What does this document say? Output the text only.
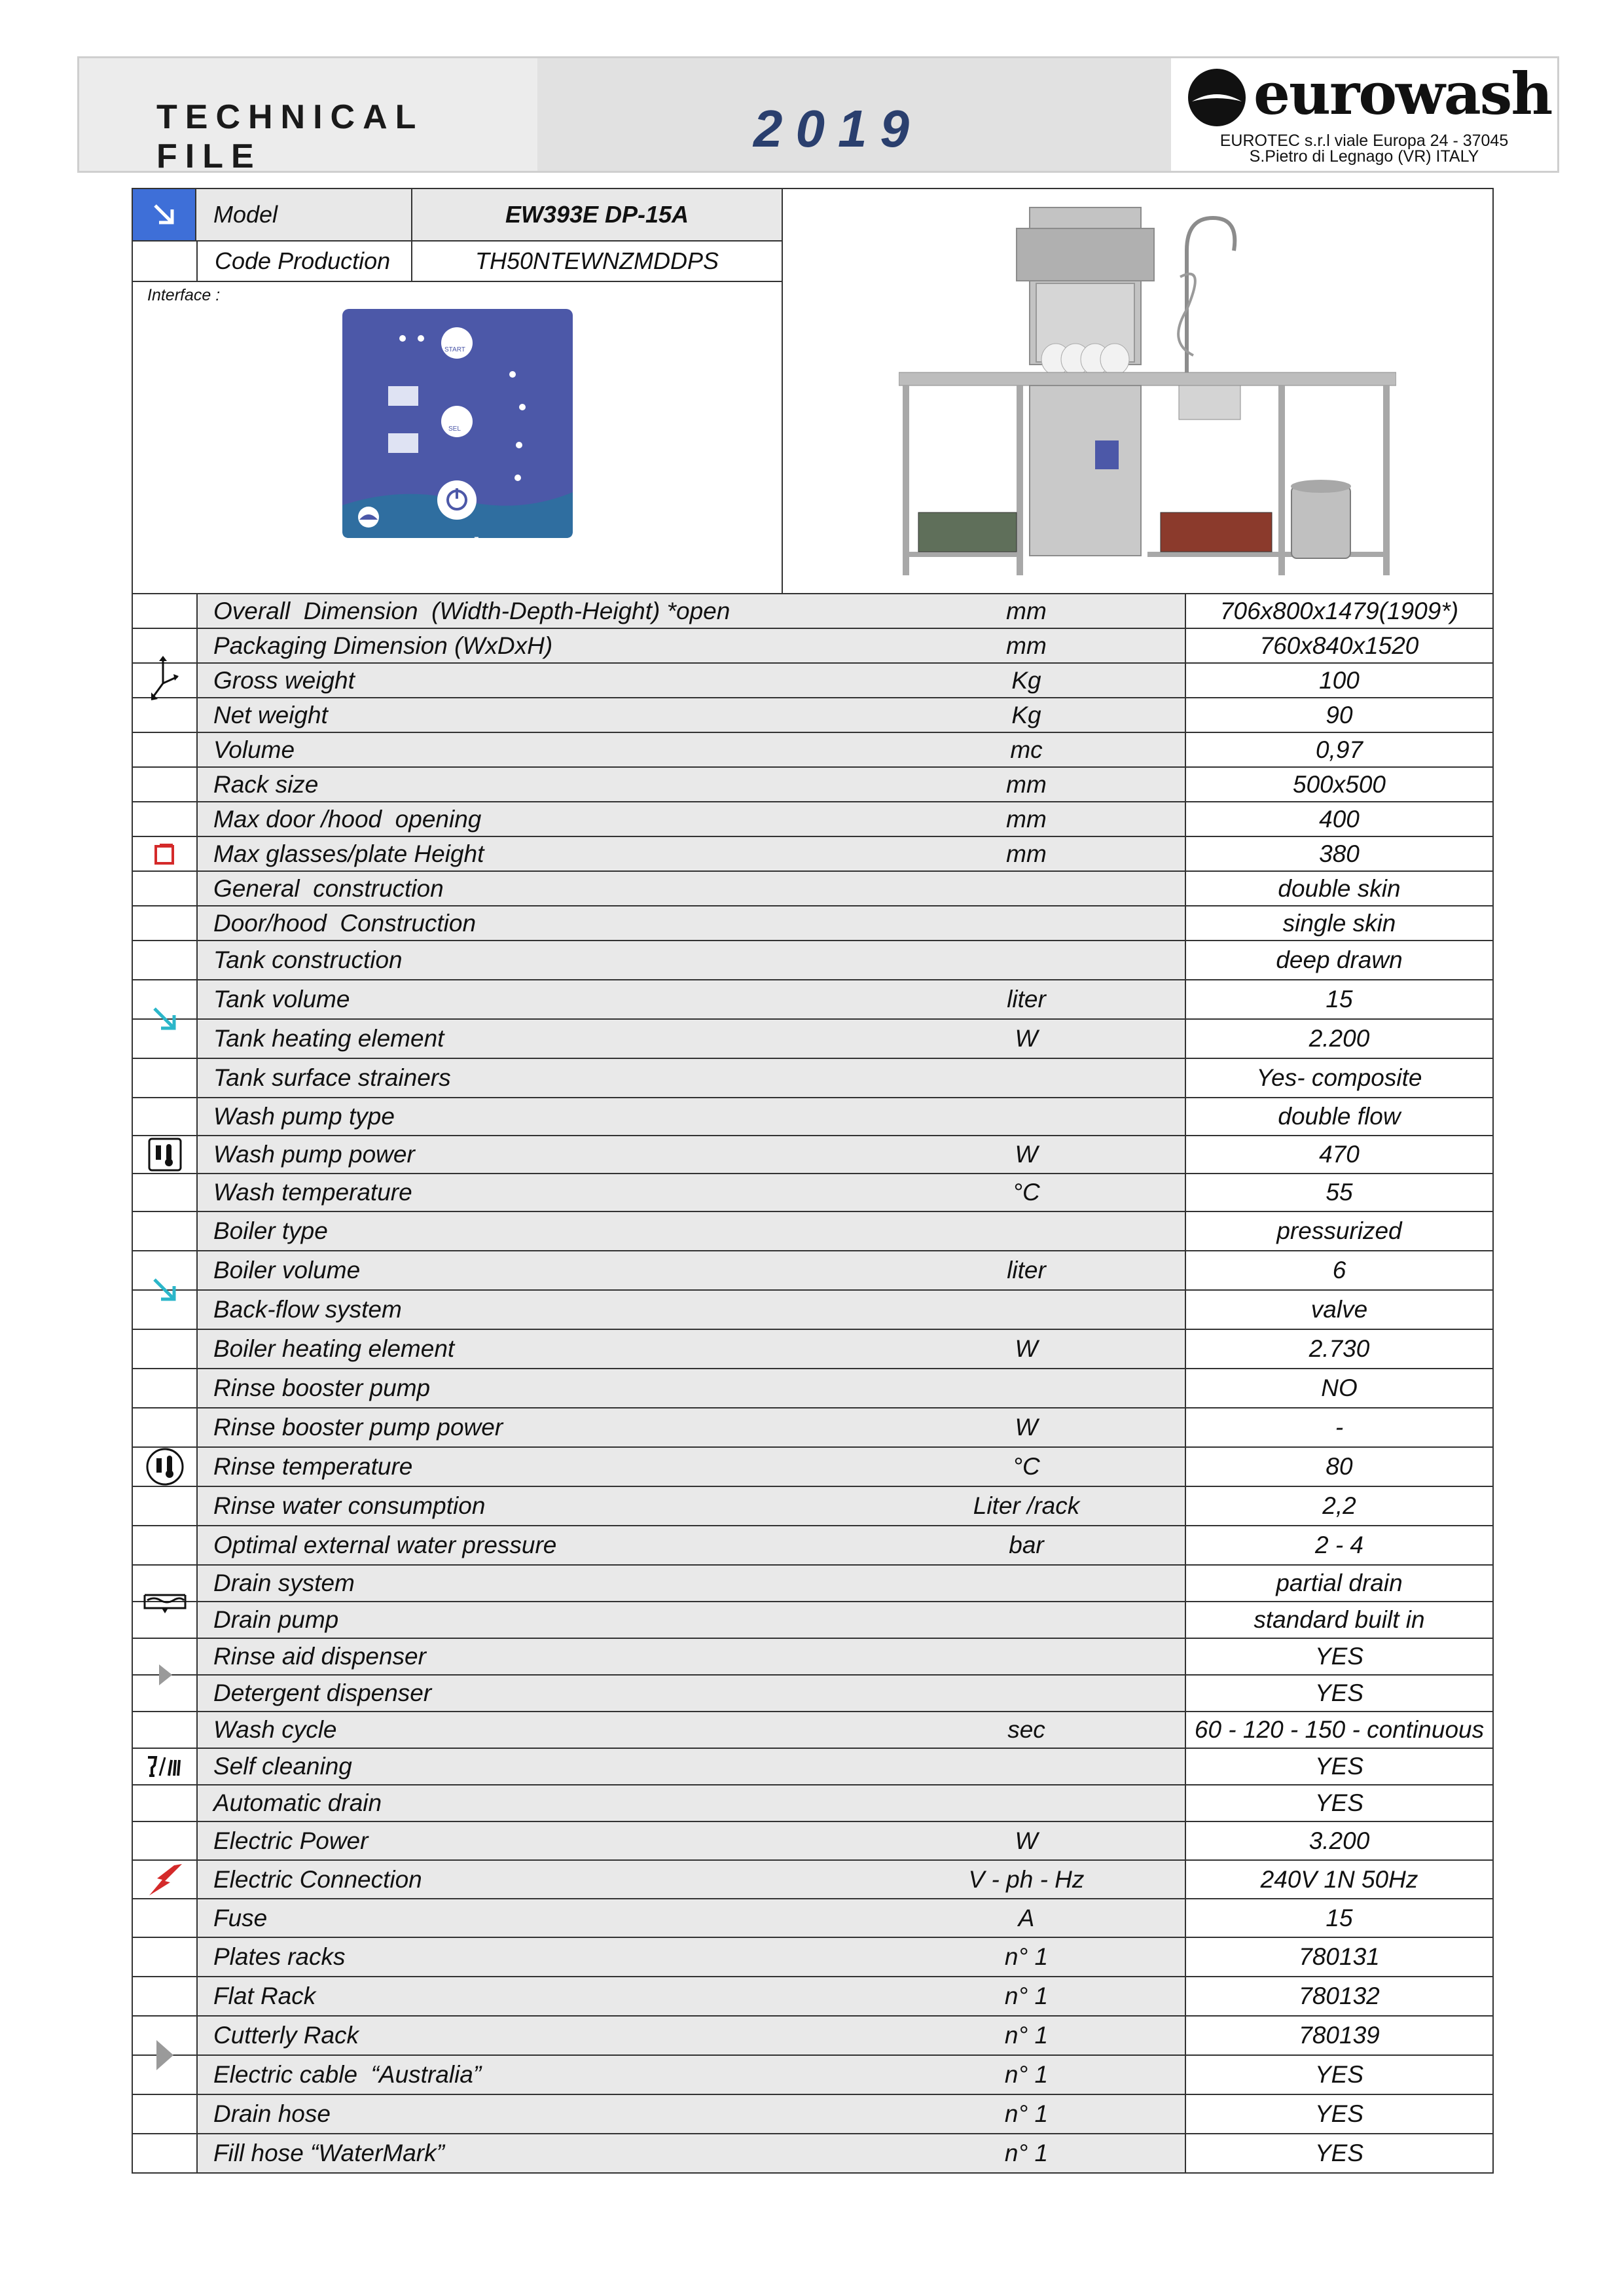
TECHNICAL FILE	2019
eurowash
EUROTEC s.r.l viale Europa 24 - 37045
S.Pietro di Legnago (VR) ITALY
Model	EW393E DP-15A
Code Production	TH50NTEWNZMDDPS
Interface :
eurowash
START
SEL
Overall  Dimension  (Width-Depth-Height) *open	mm	706x800x1479(1909*)
Packaging Dimension (WxDxH)	mm	760x840x1520
Gross weight	Kg	100
Net weight	Kg	90
Volume	mc	0,97
Rack size	mm	500x500
Max door /hood  opening	mm	400
Max glasses/plate Height	mm	380
General  construction	double skin
Door/hood  Construction	single skin
Tank construction	deep drawn
Tank volume	liter	15
Tank heating element	W	2.200
Tank surface strainers	Yes- composite
Wash pump type	double flow
Wash pump power	W	470
Wash temperature	°C	55
Boiler type	pressurized
Boiler volume	liter	6
Back-flow system	valve
Boiler heating element	W	2.730
Rinse booster pump	NO
Rinse booster pump power	W	-
Rinse temperature	°C	80
Rinse water consumption	Liter /rack	2,2
Optimal external water pressure	bar	2 - 4
Drain system	partial drain
Drain pump	standard built in
Rinse aid dispenser	YES
Detergent dispenser	YES
Wash cycle	sec	60 - 120 - 150 - continuous
Self cleaning	YES
Automatic drain	YES
Electric Power	W	3.200
Electric Connection	V - ph - Hz	240V 1N 50Hz
Fuse	A	15
Plates racks	n° 1	780131
Flat Rack	n° 1	780132
Cutterly Rack	n° 1	780139
Electric cable  “Australia”	n° 1	YES
Drain hose	n° 1	YES
Fill hose “WaterMark”	n° 1	YES
